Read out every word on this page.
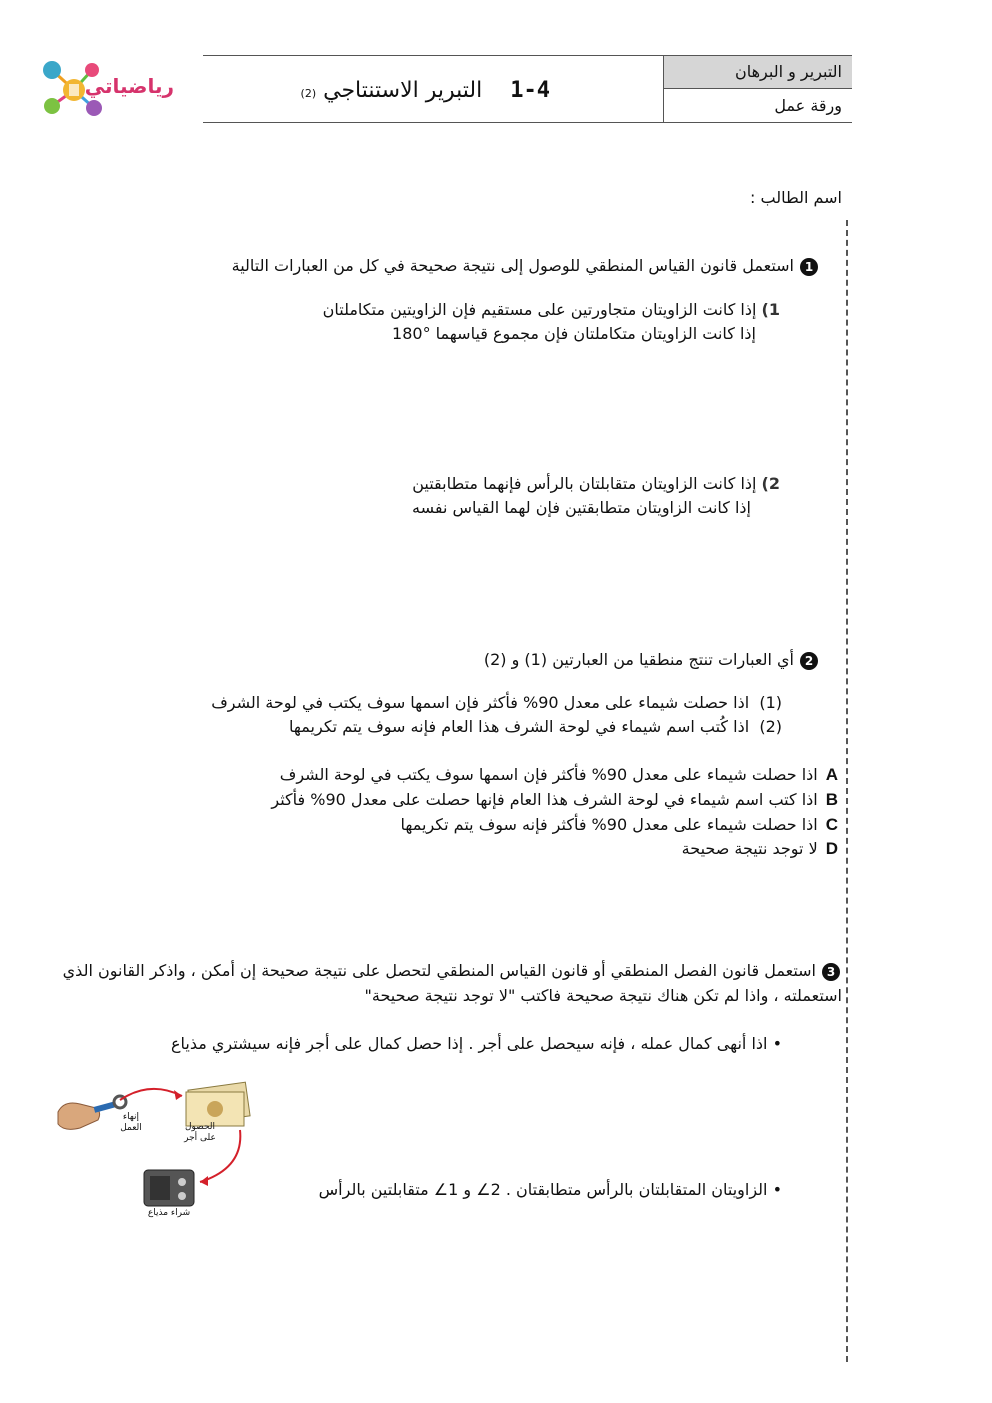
رياضياتي
التبرير و البرهان
ورقة عمل
1-4    التبرير الاستنتاجي (2)
اسم الطالب :
1استعمل قانون القياس المنطقي للوصول إلى نتيجة صحيحة في كل من العبارات التالية
1) إذا كانت الزاويتان متجاورتين على مستقيم فإن الزاويتين متكاملتان
إذا كانت الزاويتان متكاملتان فإن مجموع قياسهما °180
2) إذا كانت الزاويتان متقابلتان بالرأس فإنهما متطابقتين
إذا كانت الزاويتان متطابقتين فإن لهما القياس نفسه
2أي العبارات تنتج منطقيا من العبارتين (1) و (2)
(1)  اذا حصلت شيماء على معدل 90% فأكثر فإن اسمها سوف يكتب في لوحة الشرف
(2)  اذا كُتب اسم شيماء في لوحة الشرف هذا العام فإنه سوف يتم تكريمها
Aاذا حصلت شيماء على معدل 90% فأكثر فإن اسمها سوف يكتب في لوحة الشرف
Bاذا كتب اسم شيماء في لوحة الشرف هذا العام فإنها حصلت على معدل 90% فأكثر
Cاذا حصلت شيماء على معدل 90% فأكثر فإنه سوف يتم تكريمها
Dلا توجد نتيجة صحيحة
3استعمل قانون الفصل المنطقي أو قانون القياس المنطقي لتحصل على نتيجة صحيحة إن أمكن ، واذكر القانون الذي
استعملته ، واذا لم تكن هناك نتيجة صحيحة فاكتب "لا توجد نتيجة صحيحة"
• اذا أنهى كمال عمله ، فإنه سيحصل على أجر . إذا حصل كمال على أجر فإنه سيشتري مذياع
• الزاويتان المتقابلتان بالرأس متطابقتان . 2∠ و 1∠ متقابلتين بالرأس
إنهاء العمل	الحصول على أجر
شراء مذياع
